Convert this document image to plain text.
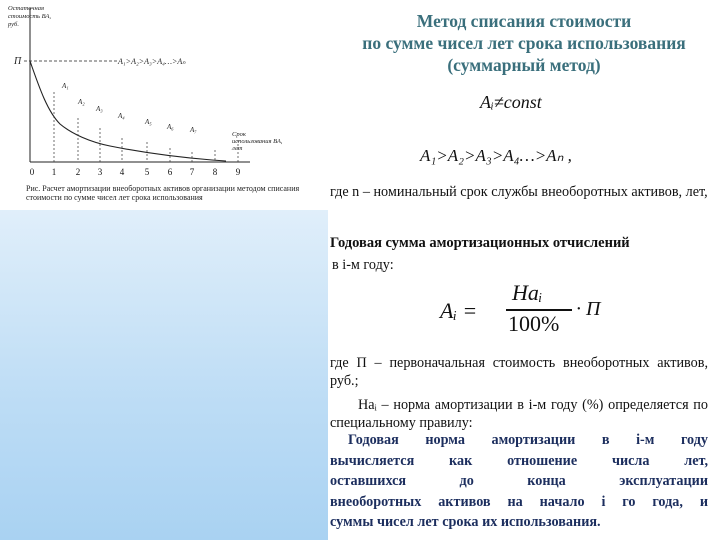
Остаточная
стоимость ВА,
руб.
П	A₁>A₂>A₃>A₄…>Aₙ
A₁
A₂
A₃
A₄
A₅
A₆ A₇
Срок
использования ВА,
лет
0 1 2 3 4 5 6 7 8 9
Рис. Расчет амортизации внеоборотных активов организации методом списания стоимости по сумме чисел лет срока использования
Метод списания стоимости
по сумме чисел лет срока использования
(суммарный метод)
Aᵢ≠const
A₁>A₂>A₃>A₄…>Aₙ ,
где n – номинальный срок службы внеоборотных активов, лет,
Годовая сумма амортизационных отчислений
в i-м году:
Aᵢ =
Haᵢ
100%
· П
где П – первоначальная стоимость внеоборотных активов, руб.;
Haᵢ – норма амортизации в i-м году (%) определяется по специальному правилу:
Годовая норма амортизации в i-м году
вычисляется как отношение числа лет,
оставшихся до конца эксплуатации
внеоборотных активов на начало i го года, и
суммы чисел лет срока их использования.
